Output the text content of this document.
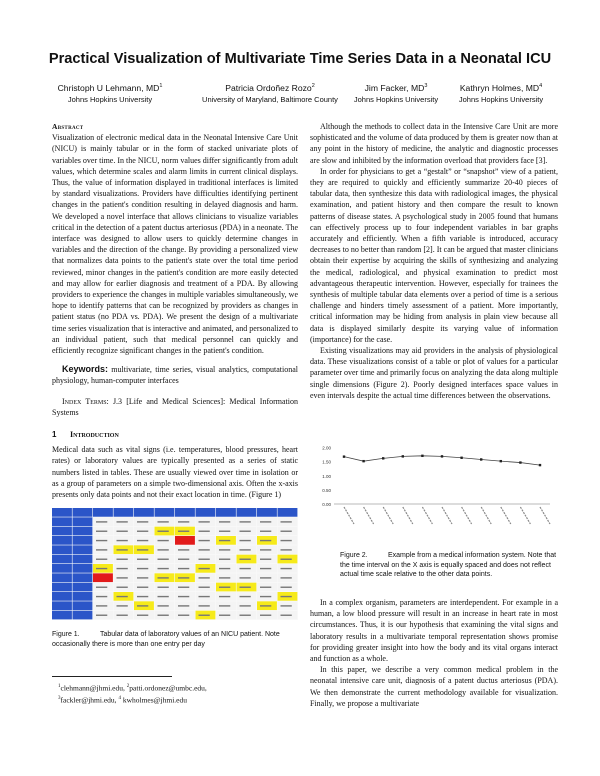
Practical Visualization of Multivariate Time Series Data in a Neonatal ICU
Christoph U Lehmann, $MD^1$
Johns Hopkins University
Patricia Ordoñez Rozo$^2$
University of Maryland, Baltimore County
Jim Facker, $MD^3$
Johns Hopkins University
Kathryn Holmes, $MD^4$
Johns Hopkins University

Abstract

Visualization of electronic medical data in the Neonatal Intensive Care Unit (NICU) is mainly tabular or in the form of stacked univariate plots of variables over time. In the NICU, norm values differ significantly from adult values, which determine scales and alarm limits in current clinical displays. Thus, the value of information displayed in traditional interfaces is limited by standard visualizations. Providers have difficulties identifying pertinent changes in the patient's condition resulting in delayed diagnosis and harm. We developed a novel interface that allows clinicians to visualize variables critical in the detection of a patent ductus arteriosus (PDA) in a neonate. The interface was designed to allow users to quickly determine changes in variables and the direction of the change. By providing a personalized view that normalizes data points to the patient's state over the total time period reviewed, minor changes in the patient's condition are more easily detected and may allow for earlier diagnosis and treatment of a PDA. By allowing providers to experience the changes in multiple variables simultaneously, we hope to identify patterns that can be recognized by providers as changes in patient status (no PDA vs. PDA). We present the design of a multivariate time series visualization that is interactive and animated, and personalized to an individual patient, such that medical personnel can quickly and efficiently recognize significant changes in the patient's condition.

Keywords: multivariate, time series, visual analytics, computational physiology, human-computer interfaces

Index Terms: J.3 [Life and Medical Sciences]: Medical Information Systems

1 Introduction

Medical data such as vital signs (i.e. temperatures, blood pressures, heart rates) or laboratory values are typically presented as a series of static numbers listed in tables. These are usually viewed over time in isolation or as a group of parameters on a simple two-dimensional axis. Often the x-axis presents only data points and not their exact location in time. (Figure 1)

Figure 1.	Tabular data of laboratory values of an NICU patient. Note occasionally there is more than one entry per day
$^1$clehmann@jhmi.edu, $^2$patti.ordonez@umbc.edu,
$^3$fackler@jhmi.edu, $^4$ kwholmes@jhmi.edu

Although the methods to collect data in the Intensive Care Unit are more sophisticated and the volume of data produced by them is greater now than at any point in the history of medicine, the analytic and diagnostic processes are slow and inhibited by the information overload that providers face [3].

In order for physicians to get a “gestalt” or “snapshot” view of a patient, they are required to quickly and efficiently summarize 20-40 pieces of tabular data, then synthesize this data with radiological images, the physical examination, and patient history and then compare the result to known patterns of disease states. A psychological study in 2005 found that humans can effectively process up to four independent variables in bar graphs accurately and efficiently. When a fifth variable is introduced, accuracy decreases to no better than random [2]. It can be argued that master clinicians obtain their expertise by acquiring the skills of synthesizing and analyzing the medical, radiological, and physical examination to predict most advantageous therapeutic intervention. However, especially for trainees the synthesis of multiple tabular data elements over a period of time is a serious challenge and hinders timely assessment of a patient. More importantly, critical information may be hiding from analysis in plain view because all data is displayed similarly despite its varying value of information (importance) for the case.

Existing visualizations may aid providers in the analysis of physiological data. These visualizations consist of a table or plot of values for a particular parameter over time and primarily focus on analyzing the data along multiple single dimensions (Figure 2). Poorly designed interfaces space values in even intervals despite the actual time differences between the observations.

2.00
1.50
1.00
0.50
0.00
Figure 2.	Example from a medical information system. Note that the time interval on the X axis is equally spaced and does not reflect actual time scale relative to the other data points.

In a complex organism, parameters are interdependent. For example in a human, a low blood pressure will result in an increase in heart rate in most circumstances. Thus, it is our hypothesis that examining the vital signs and laboratory results in a multivariate temporal representation shows promise for providing greater insight into how the body and its vital organs interact and function as a whole.

In this paper, we describe a very common medical problem in the neonatal intensive care unit, diagnosis of a patent ductus arteriosus (PDA). We then demonstrate the current methodology available for visualization. Finally, we propose a multivariate
